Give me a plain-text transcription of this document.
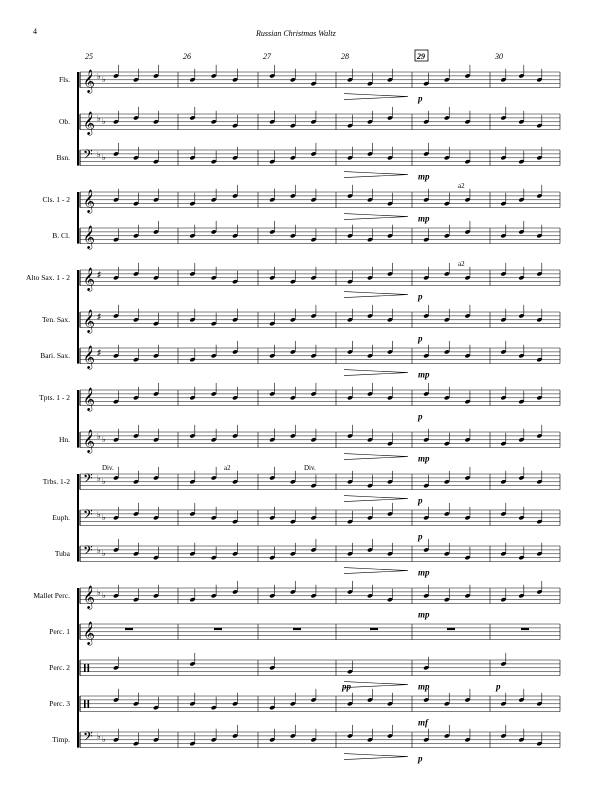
4	Russian Christmas Waltz
Fls.
Ob.
Bsn.
Cls. 1 - 2
B. Cl.
Alto Sax. 1 - 2
Ten. Sax.
Bari. Sax.
Tpts. 1 - 2
Hn.
Trbs. 1-2
Euph.
Tuba
Mallet Perc.
Perc. 1
Perc. 2
Perc. 3
Timp.
25	26	27	28	29	30
𝄞 ♭ ♭
𝄞 ♭ ♭
𝄢 ♭ ♭
𝄞
𝄞
𝄞 ♯
𝄞 ♯
𝄞 ♯
𝄞
𝄞 ♭ ♭
𝄢 ♭ ♭
𝄢 ♭ ♭
𝄢 ♭ ♭
𝄞 ♭ ♭
𝄞
𝄢 ♭ ♭
p
mp
mp
p
p
mp
p
mp
p
p
mp
mp
pp	mp	p
mf
p
a2
a2
Div.	a2	Div.
